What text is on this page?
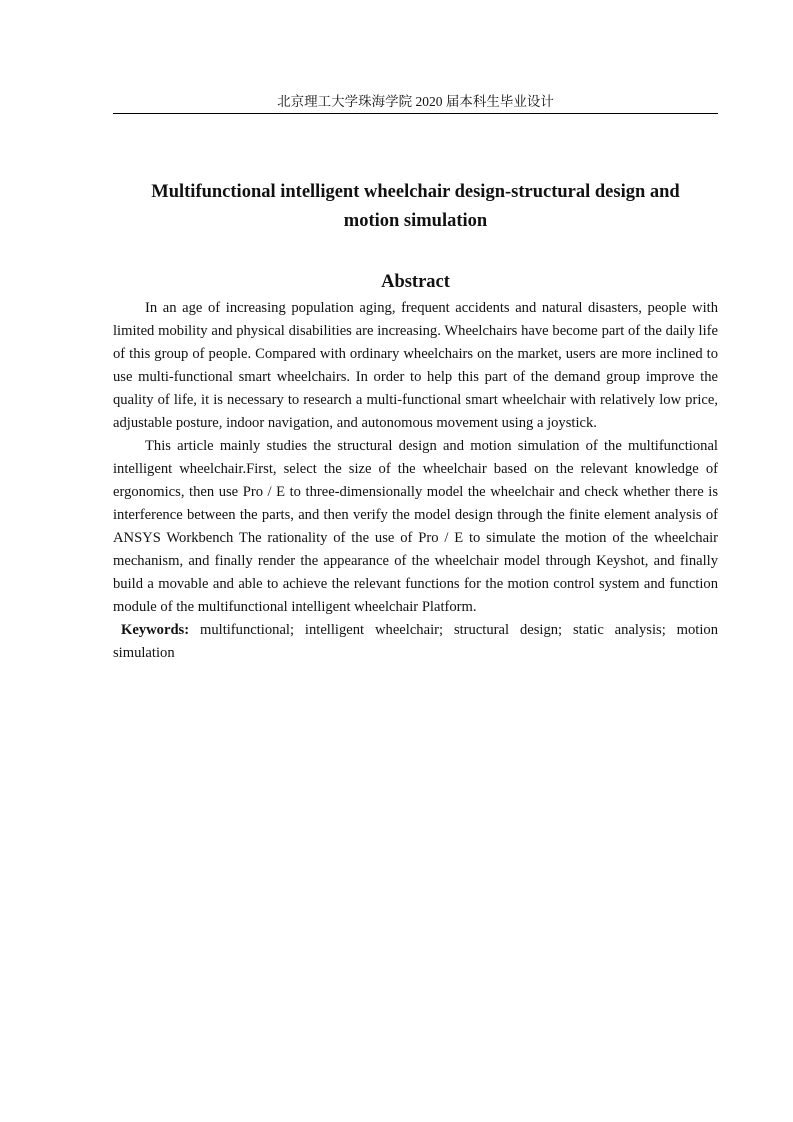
北京理工大学珠海学院 2020 届本科生毕业设计
Multifunctional intelligent wheelchair design-structural design and
motion simulation
Abstract

In an age of increasing population aging, frequent accidents and natural disasters, people with limited mobility and physical disabilities are increasing. Wheelchairs have become part of the daily life of this group of people. Compared with ordinary wheelchairs on the market, users are more inclined to use multi-functional smart wheelchairs. In order to help this part of the demand group improve the quality of life, it is necessary to research a multi-functional smart wheelchair with relatively low price, adjustable posture, indoor navigation, and autonomous movement using a joystick.

This article mainly studies the structural design and motion simulation of the multifunctional intelligent wheelchair.First, select the size of the wheelchair based on the relevant knowledge of ergonomics, then use Pro / E to three-dimensionally model the wheelchair and check whether there is interference between the parts, and then verify the model design through the finite element analysis of ANSYS Workbench The rationality of the use of Pro / E to simulate the motion of the wheelchair mechanism, and finally render the appearance of the wheelchair model through Keyshot, and finally build a movable and able to achieve the relevant functions for the motion control system and function module of the multifunctional intelligent wheelchair Platform.

Keywords: multifunctional; intelligent wheelchair; structural design; static analysis; motion simulation
